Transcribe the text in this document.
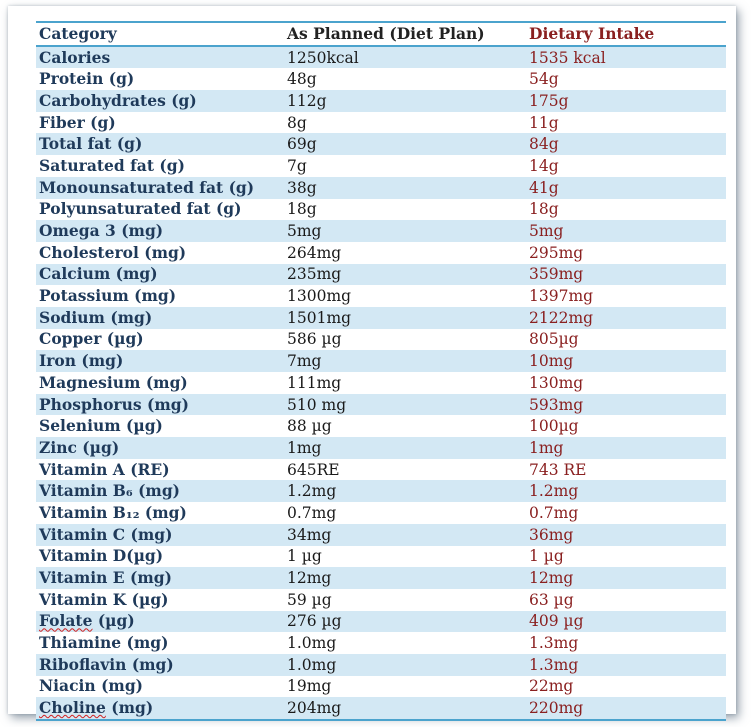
Category	As Planned (Diet Plan)	Dietary Intake
Calories	1250kcal	1535 kcal
Protein (g)	48g	54g
Carbohydrates (g)	112g	175g
Fiber (g)	8g	11g
Total fat (g)	69g	84g
Saturated fat (g)	7g	14g
Monounsaturated fat (g)	38g	41g
Polyunsaturated fat (g)	18g	18g
Omega 3 (mg)	5mg	5mg
Cholesterol (mg)	264mg	295mg
Calcium (mg)	235mg	359mg
Potassium (mg)	1300mg	1397mg
Sodium (mg)	1501mg	2122mg
Copper (µg)	586 µg	805µg
Iron (mg)	7mg	10mg
Magnesium (mg)	111mg	130mg
Phosphorus (mg)	510 mg	593mg
Selenium (µg)	88 µg	100µg
Zinc (µg)	1mg	1mg
Vitamin A (RE)	645RE	743 RE
Vitamin B₆ (mg)	1.2mg	1.2mg
Vitamin B₁₂ (mg)	0.7mg	0.7mg
Vitamin C (mg)	34mg	36mg
Vitamin D(µg)	1 µg	1 µg
Vitamin E (mg)	12mg	12mg
Vitamin K (µg)	59 µg	63 µg
Folate (µg)	276 µg	409 µg
Thiamine (mg)	1.0mg	1.3mg
Riboflavin (mg)	1.0mg	1.3mg
Niacin (mg)	19mg	22mg
Choline (mg)	204mg	220mg
